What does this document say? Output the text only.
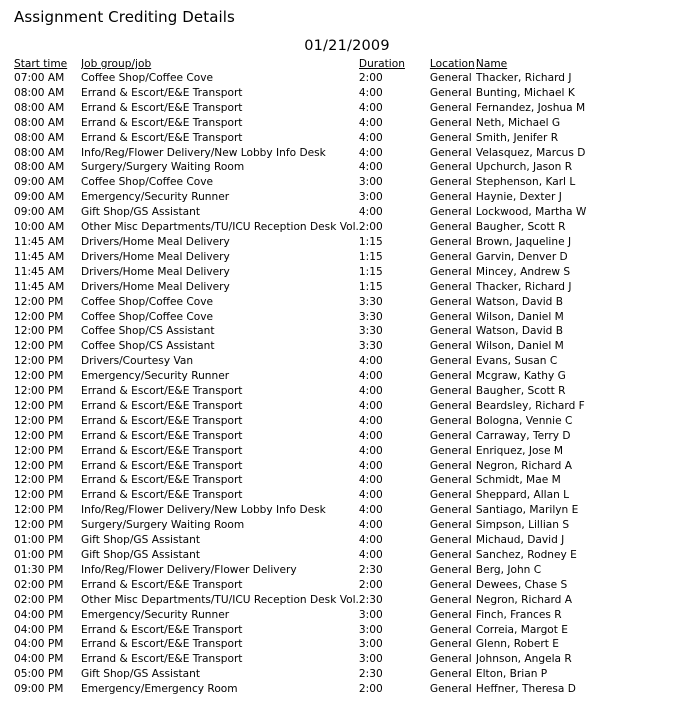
Assignment Crediting Details
01/21/2009
Start time	Job group/job	Duration	Location	Name
07:00 AM	Coffee Shop/Coffee Cove	2:00	General	Thacker, Richard J
08:00 AM	Errand & Escort/E&E Transport	4:00	General	Bunting, Michael K
08:00 AM	Errand & Escort/E&E Transport	4:00	General	Fernandez, Joshua M
08:00 AM	Errand & Escort/E&E Transport	4:00	General	Neth, Michael G
08:00 AM	Errand & Escort/E&E Transport	4:00	General	Smith, Jenifer R
08:00 AM	Info/Reg/Flower Delivery/New Lobby Info Desk	4:00	General	Velasquez, Marcus D
08:00 AM	Surgery/Surgery Waiting Room	4:00	General	Upchurch, Jason R
09:00 AM	Coffee Shop/Coffee Cove	3:00	General	Stephenson, Karl L
09:00 AM	Emergency/Security Runner	3:00	General	Haynie, Dexter J
09:00 AM	Gift Shop/GS Assistant	4:00	General	Lockwood, Martha W
10:00 AM	Other Misc Departments/TU/ICU Reception Desk Vol.	2:00	General	Baugher, Scott R
11:45 AM	Drivers/Home Meal Delivery	1:15	General	Brown, Jaqueline J
11:45 AM	Drivers/Home Meal Delivery	1:15	General	Garvin, Denver D
11:45 AM	Drivers/Home Meal Delivery	1:15	General	Mincey, Andrew S
11:45 AM	Drivers/Home Meal Delivery	1:15	General	Thacker, Richard J
12:00 PM	Coffee Shop/Coffee Cove	3:30	General	Watson, David B
12:00 PM	Coffee Shop/Coffee Cove	3:30	General	Wilson, Daniel M
12:00 PM	Coffee Shop/CS Assistant	3:30	General	Watson, David B
12:00 PM	Coffee Shop/CS Assistant	3:30	General	Wilson, Daniel M
12:00 PM	Drivers/Courtesy Van	4:00	General	Evans, Susan C
12:00 PM	Emergency/Security Runner	4:00	General	Mcgraw, Kathy G
12:00 PM	Errand & Escort/E&E Transport	4:00	General	Baugher, Scott R
12:00 PM	Errand & Escort/E&E Transport	4:00	General	Beardsley, Richard F
12:00 PM	Errand & Escort/E&E Transport	4:00	General	Bologna, Vennie C
12:00 PM	Errand & Escort/E&E Transport	4:00	General	Carraway, Terry D
12:00 PM	Errand & Escort/E&E Transport	4:00	General	Enriquez, Jose M
12:00 PM	Errand & Escort/E&E Transport	4:00	General	Negron, Richard A
12:00 PM	Errand & Escort/E&E Transport	4:00	General	Schmidt, Mae M
12:00 PM	Errand & Escort/E&E Transport	4:00	General	Sheppard, Allan L
12:00 PM	Info/Reg/Flower Delivery/New Lobby Info Desk	4:00	General	Santiago, Marilyn E
12:00 PM	Surgery/Surgery Waiting Room	4:00	General	Simpson, Lillian S
01:00 PM	Gift Shop/GS Assistant	4:00	General	Michaud, David J
01:00 PM	Gift Shop/GS Assistant	4:00	General	Sanchez, Rodney E
01:30 PM	Info/Reg/Flower Delivery/Flower Delivery	2:30	General	Berg, John C
02:00 PM	Errand & Escort/E&E Transport	2:00	General	Dewees, Chase S
02:00 PM	Other Misc Departments/TU/ICU Reception Desk Vol.	2:30	General	Negron, Richard A
04:00 PM	Emergency/Security Runner	3:00	General	Finch, Frances R
04:00 PM	Errand & Escort/E&E Transport	3:00	General	Correia, Margot E
04:00 PM	Errand & Escort/E&E Transport	3:00	General	Glenn, Robert E
04:00 PM	Errand & Escort/E&E Transport	3:00	General	Johnson, Angela R
05:00 PM	Gift Shop/GS Assistant	2:30	General	Elton, Brian P
09:00 PM	Emergency/Emergency Room	2:00	General	Heffner, Theresa D
